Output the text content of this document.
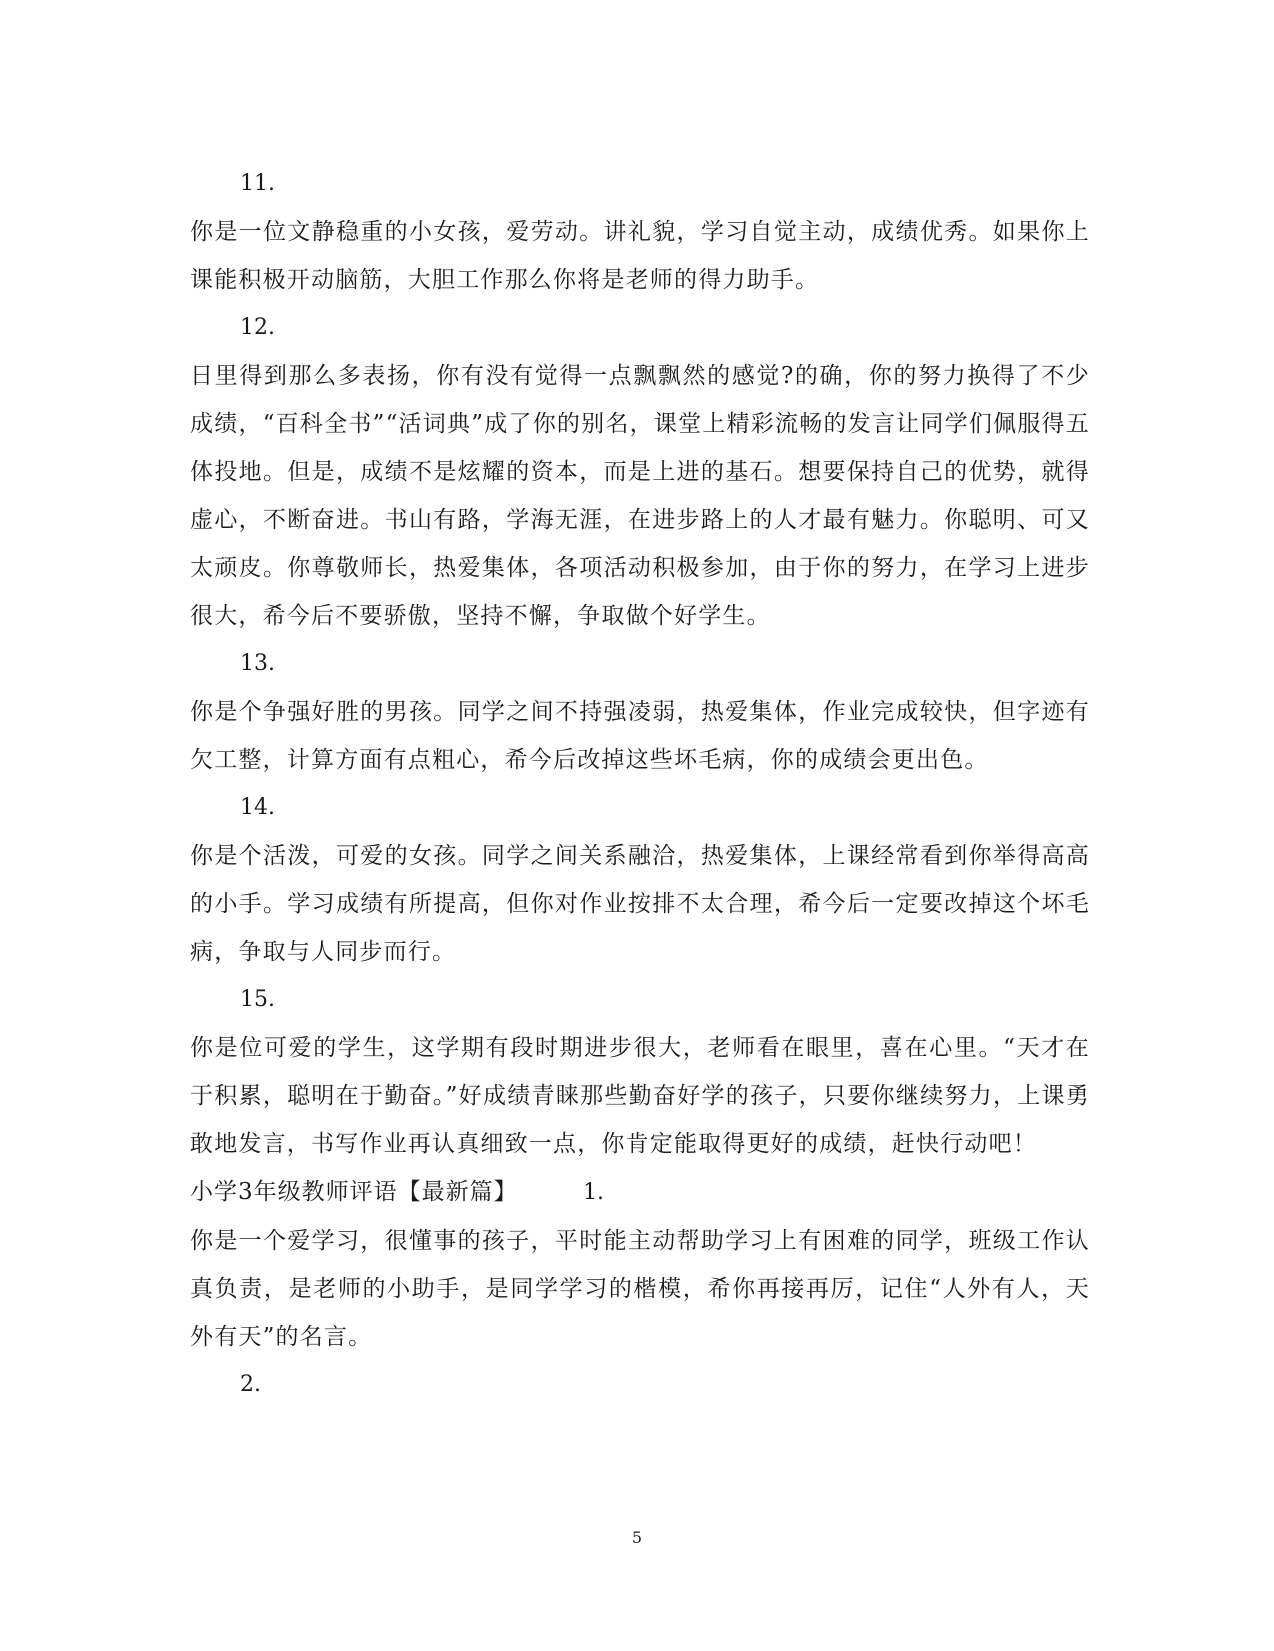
11.

你是一位文静稳重的小女孩，爱劳动。讲礼貌，学习自觉主动，成绩优秀。如果你上课能积极开动脑筋，大胆工作那么你将是老师的得力助手。

12.

日里得到那么多表扬，你有没有觉得一点飘飘然的感觉?的确，你的努力换得了不少成绩，“百科全书”“活词典”成了你的别名，课堂上精彩流畅的发言让同学们佩服得五体投地。但是，成绩不是炫耀的资本，而是上进的基石。想要保持自己的优势，就得虚心，不断奋进。书山有路，学海无涯，在进步路上的人才最有魅力。你聪明、可又太顽皮。你尊敬师长，热爱集体，各项活动积极参加，由于你的努力，在学习上进步很大，希今后不要骄傲，坚持不懈，争取做个好学生。

13.

你是个争强好胜的男孩。同学之间不持强凌弱，热爱集体，作业完成较快，但字迹有欠工整，计算方面有点粗心，希今后改掉这些坏毛病，你的成绩会更出色。

14.

你是个活泼，可爱的女孩。同学之间关系融洽，热爱集体，上课经常看到你举得高高的小手。学习成绩有所提高，但你对作业按排不太合理，希今后一定要改掉这个坏毛病，争取与人同步而行。

15.

你是位可爱的学生，这学期有段时期进步很大，老师看在眼里，喜在心里。“天才在于积累，聪明在于勤奋。”好成绩青睐那些勤奋好学的孩子，只要你继续努力，上课勇敢地发言，书写作业再认真细致一点，你肯定能取得更好的成绩，赶快行动吧！

小学3年级教师评语【最新篇】	1.

你是一个爱学习，很懂事的孩子，平时能主动帮助学习上有困难的同学，班级工作认真负责，是老师的小助手，是同学学习的楷模，希你再接再厉，记住“人外有人，天外有天”的名言。

2.

5
